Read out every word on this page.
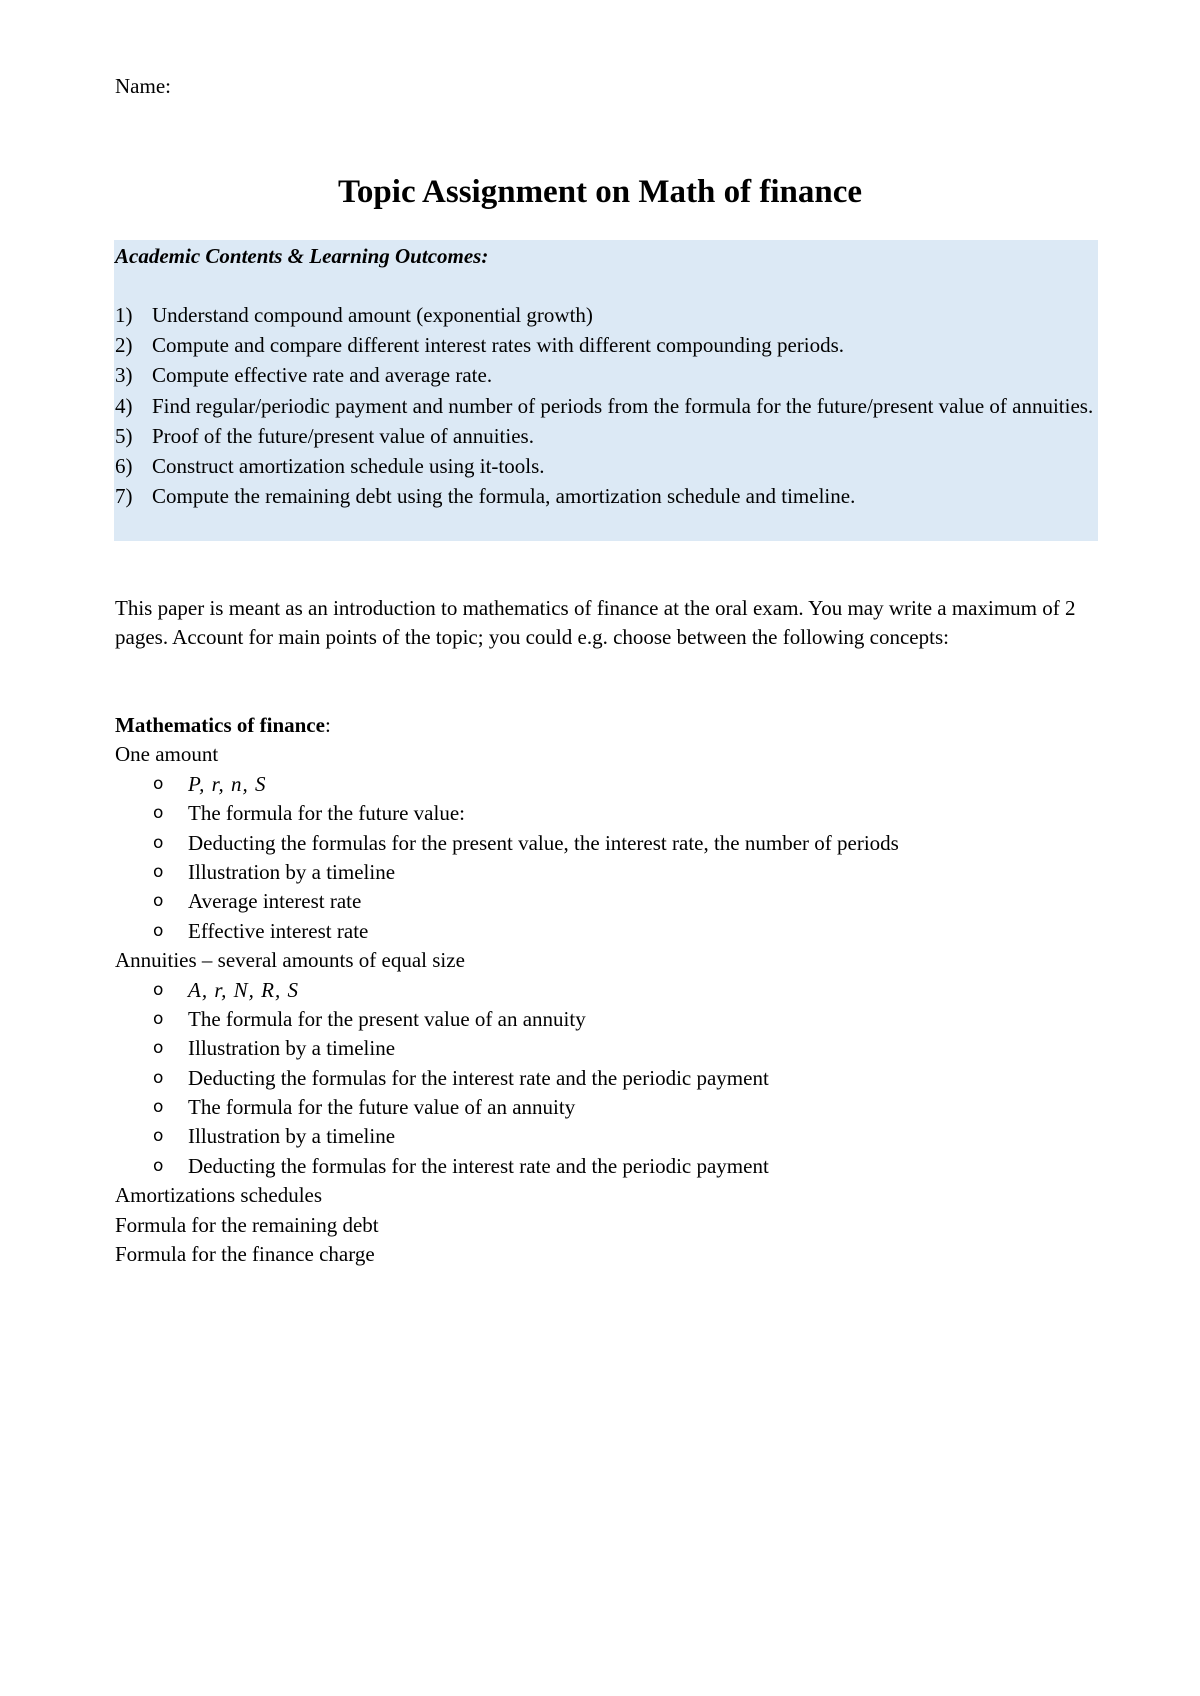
Name:
Topic Assignment on Math of finance
Academic Contents & Learning Outcomes:
1) Understand compound amount (exponential growth)
2) Compute and compare different interest rates with different compounding periods.
3) Compute effective rate and average rate.
4) Find regular/periodic payment and number of periods from the formula for the future/present value of annuities.
5) Proof of the future/present value of annuities.
6) Construct amortization schedule using it-tools.
7) Compute the remaining debt using the formula, amortization schedule and timeline.
This paper is meant as an introduction to mathematics of finance at the oral exam. You may write a maximum of 2 pages. Account for main points of the topic; you could e.g. choose between the following concepts:
Mathematics of finance:
One amount
o P, r, n, S
o The formula for the future value:
o Deducting the formulas for the present value, the interest rate, the number of periods
o Illustration by a timeline
o Average interest rate
o Effective interest rate
Annuities – several amounts of equal size
o A, r, N, R, S
o The formula for the present value of an annuity
o Illustration by a timeline
o Deducting the formulas for the interest rate and the periodic payment
o The formula for the future value of an annuity
o Illustration by a timeline
o Deducting the formulas for the interest rate and the periodic payment
Amortizations schedules
Formula for the remaining debt
Formula for the finance charge
